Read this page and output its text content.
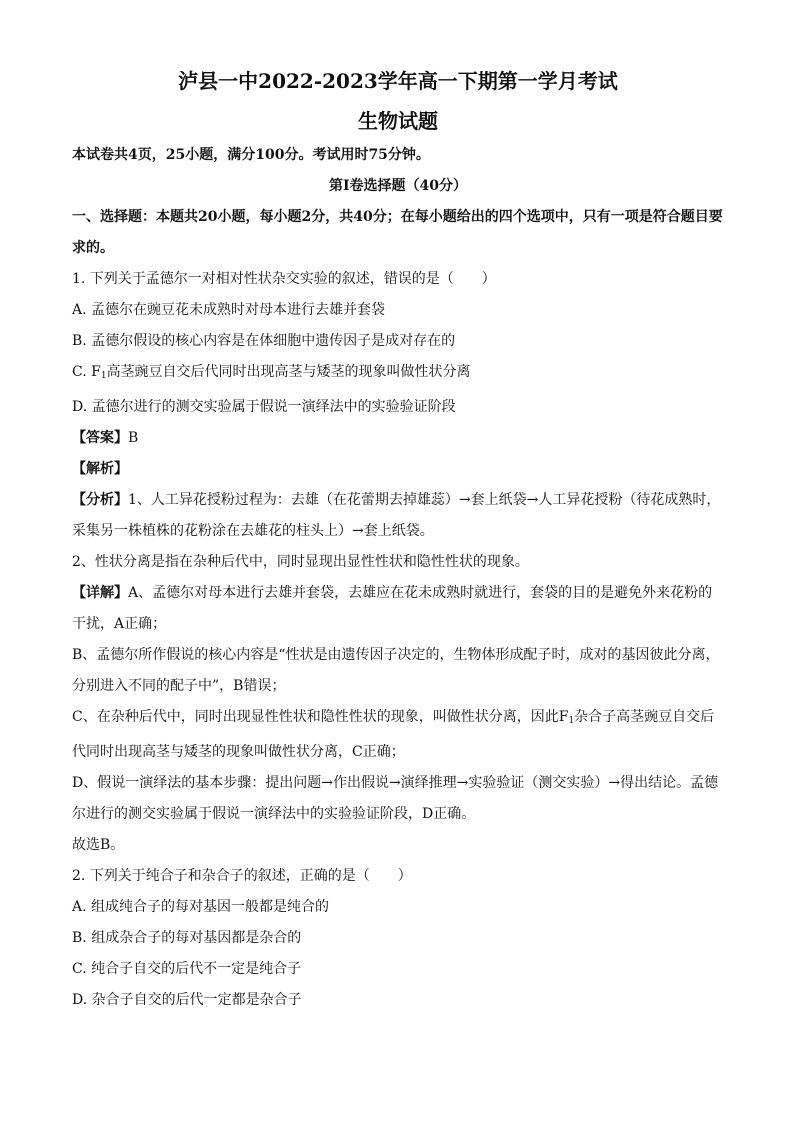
泸县一中2022-2023学年高一下期第一学月考试
生物试题

本试卷共4页，25小题，满分100分。考试用时75分钟。

第I卷选择题（40分）

一、选择题：本题共20小题，每小题2分，共40分；在每小题给出的四个选项中，只有一项是符合题目要求的。

1. 下列关于孟德尔一对相对性状杂交实验的叙述，错误的是（　　）

A. 孟德尔在豌豆花未成熟时对母本进行去雄并套袋

B. 孟德尔假设的核心内容是在体细胞中遗传因子是成对存在的

C. $F_1$高茎豌豆自交后代同时出现高茎与矮茎的现象叫做性状分离

D. 孟德尔进行的测交实验属于假说一演绎法中的实验验证阶段

【答案】B

【解析】

【分析】1、人工异花授粉过程为：去雄（在花蕾期去掉雄蕊）→套上纸袋→人工异花授粉（待花成熟时，采集另一株植株的花粉涂在去雄花的柱头上）→套上纸袋。

2、性状分离是指在杂种后代中，同时显现出显性性状和隐性性状的现象。

【详解】A、孟德尔对母本进行去雄并套袋，去雄应在花未成熟时就进行，套袋的目的是避免外来花粉的干扰，A正确；

B、孟德尔所作假说的核心内容是“性状是由遗传因子决定的，生物体形成配子时，成对的基因彼此分离，分别进入不同的配子中”，B错误；

C、在杂种后代中，同时出现显性性状和隐性性状的现象，叫做性状分离，因此$F_1$杂合子高茎豌豆自交后代同时出现高茎与矮茎的现象叫做性状分离，C正确；

D、假说一演绎法的基本步骤：提出问题→作出假说→演绎推理→实验验证（测交实验）→得出结论。孟德尔进行的测交实验属于假说一演绎法中的实验验证阶段，D正确。

故选B。

2. 下列关于纯合子和杂合子的叙述，正确的是（　　）

A. 组成纯合子的每对基因一般都是纯合的

B. 组成杂合子的每对基因都是杂合的

C. 纯合子自交的后代不一定是纯合子

D. 杂合子自交的后代一定都是杂合子
